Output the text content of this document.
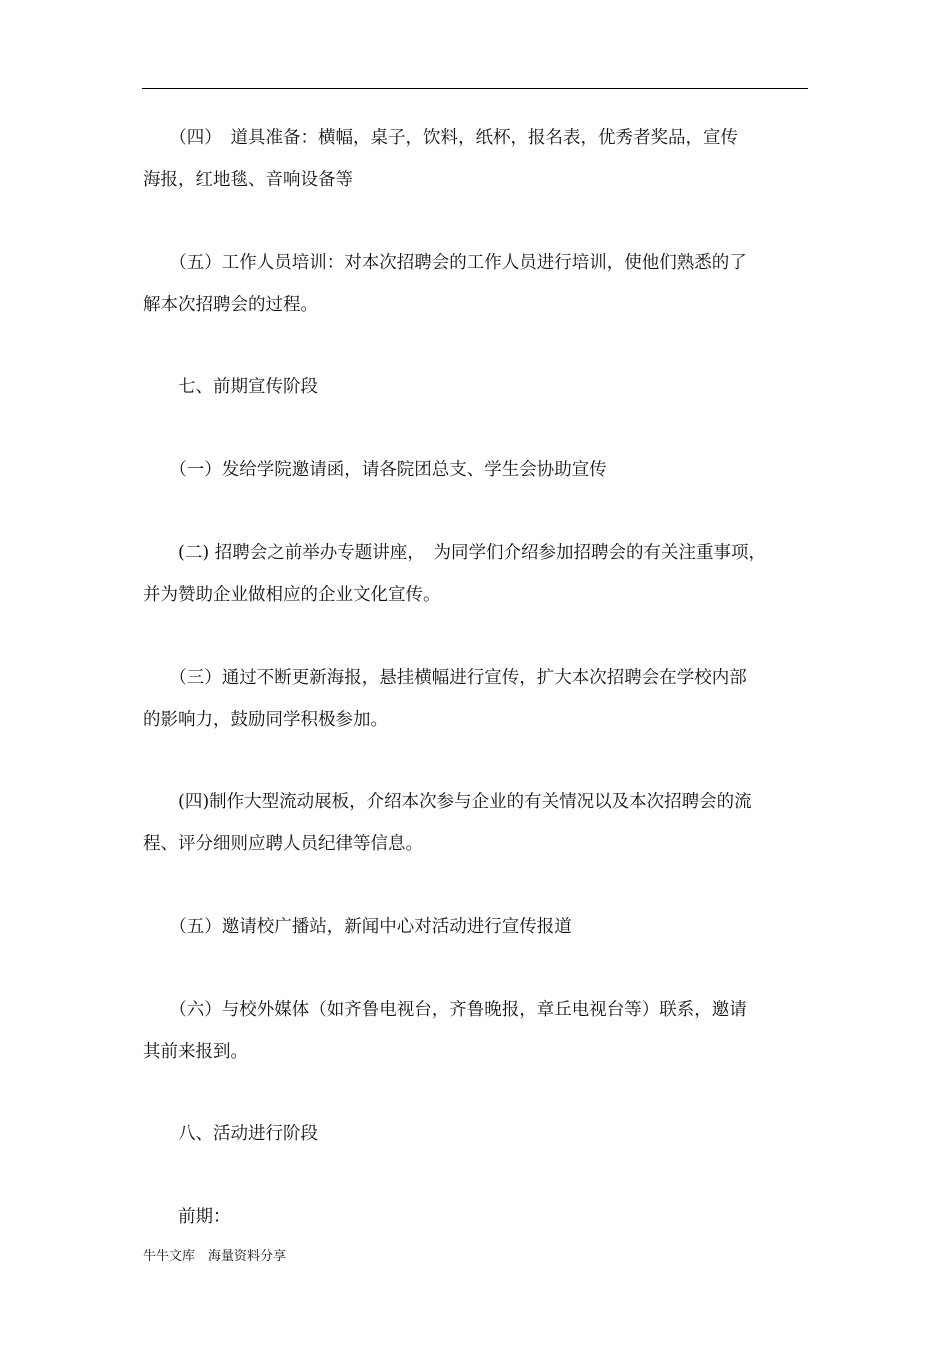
　　（四）　道具准备：横幅，桌子，饮料，纸杯，报名表，优秀者奖品，宣传
海报，红地毯、音响设备等

　　（五）工作人员培训：对本次招聘会的工作人员进行培训，使他们熟悉的了
解本次招聘会的过程。

　　七、前期宣传阶段

　　（一）发给学院邀请函，请各院团总支、学生会协助宣传

　　(二) 招聘会之前举办专题讲座，　为同学们介绍参加招聘会的有关注重事项，
并为赞助企业做相应的企业文化宣传。

　　（三）通过不断更新海报，悬挂横幅进行宣传，扩大本次招聘会在学校内部
的影响力，鼓励同学积极参加。

　　(四)制作大型流动展板，介绍本次参与企业的有关情况以及本次招聘会的流
程、评分细则应聘人员纪律等信息。

　　（五）邀请校广播站，新闻中心对活动进行宣传报道

　　（六）与校外媒体（如齐鲁电视台，齐鲁晚报，章丘电视台等）联系，邀请
其前来报到。

　　八、活动进行阶段

　　前期：

牛牛文库　海量资料分享
